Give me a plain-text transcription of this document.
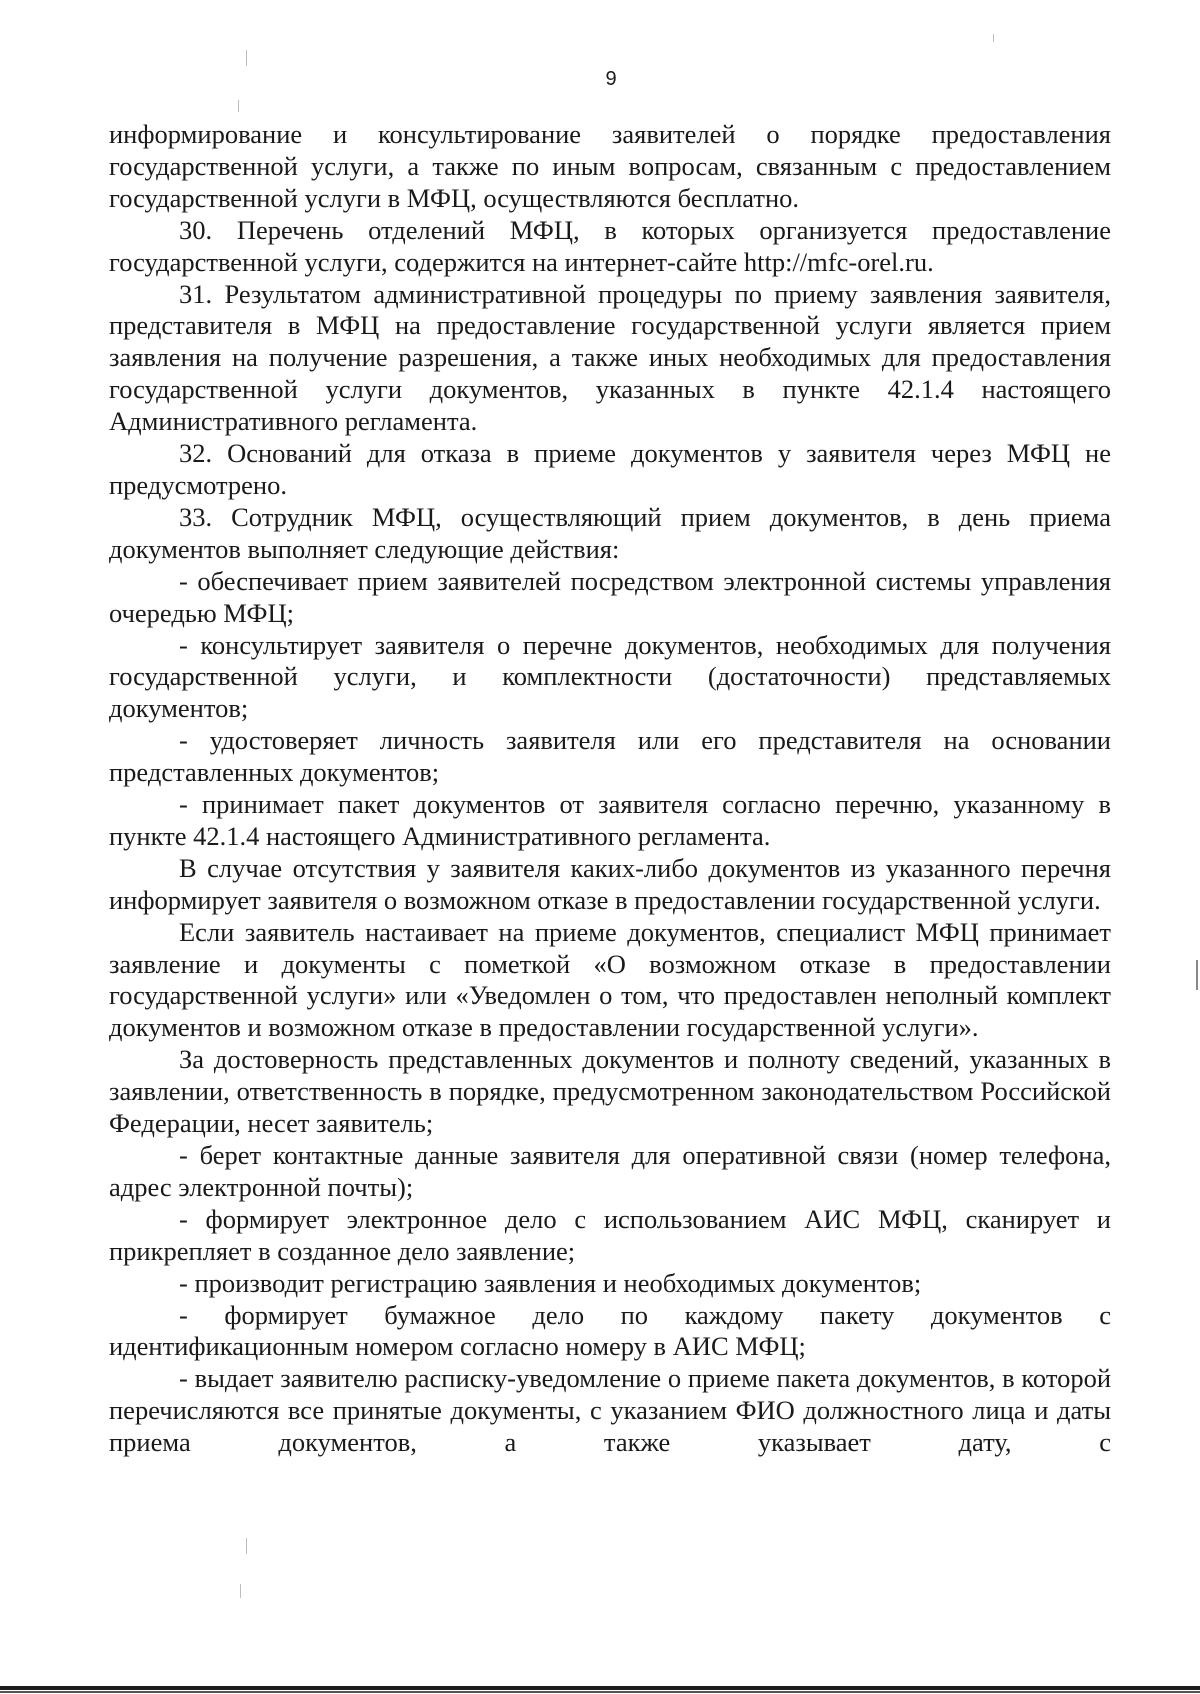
9

информирование и консультирование заявителей о порядке предоставления государственной услуги, а также по иным вопросам, связанным с предоставлением государственной услуги в МФЦ, осуществляются бесплатно.

30. Перечень отделений МФЦ, в которых организуется предоставление государственной услуги, содержится на интернет-сайте http://mfc-orel.ru.

31. Результатом административной процедуры по приему заявления заявителя, представителя в МФЦ на предоставление государственной услуги является прием заявления на получение разрешения, а также иных необходимых для предоставления государственной услуги документов, указанных в пункте 42.1.4 настоящего Административного регламента.

32. Оснований для отказа в приеме документов у заявителя через МФЦ не предусмотрено.

33. Сотрудник МФЦ, осуществляющий прием документов, в день приема документов выполняет следующие действия:

- обеспечивает прием заявителей посредством электронной системы управления очередью МФЦ;

- консультирует заявителя о перечне документов, необходимых для получения государственной услуги, и комплектности (достаточности) представляемых документов;

- удостоверяет личность заявителя или его представителя на основании представленных документов;

- принимает пакет документов от заявителя согласно перечню, указанному в пункте 42.1.4 настоящего Административного регламента.

В случае отсутствия у заявителя каких-либо документов из указанного перечня информирует заявителя о возможном отказе в предоставлении государственной услуги.

Если заявитель настаивает на приеме документов, специалист МФЦ принимает заявление и документы с пометкой «О возможном отказе в предоставлении государственной услуги» или «Уведомлен о том, что предоставлен неполный комплект документов и возможном отказе в предоставлении государственной услуги».

За достоверность представленных документов и полноту сведений, указанных в заявлении, ответственность в порядке, предусмотренном законодательством Российской Федерации, несет заявитель;

- берет контактные данные заявителя для оперативной связи (номер телефона, адрес электронной почты);

- формирует электронное дело с использованием АИС МФЦ, сканирует и прикрепляет в созданное дело заявление;

- производит регистрацию заявления и необходимых документов;

- формирует бумажное дело по каждому пакету документов с идентификационным номером согласно номеру в АИС МФЦ;

- выдает заявителю расписку-уведомление о приеме пакета документов, в которой перечисляются все принятые документы, с указанием ФИО должностного лица и даты приема документов, а также указывает дату, с
